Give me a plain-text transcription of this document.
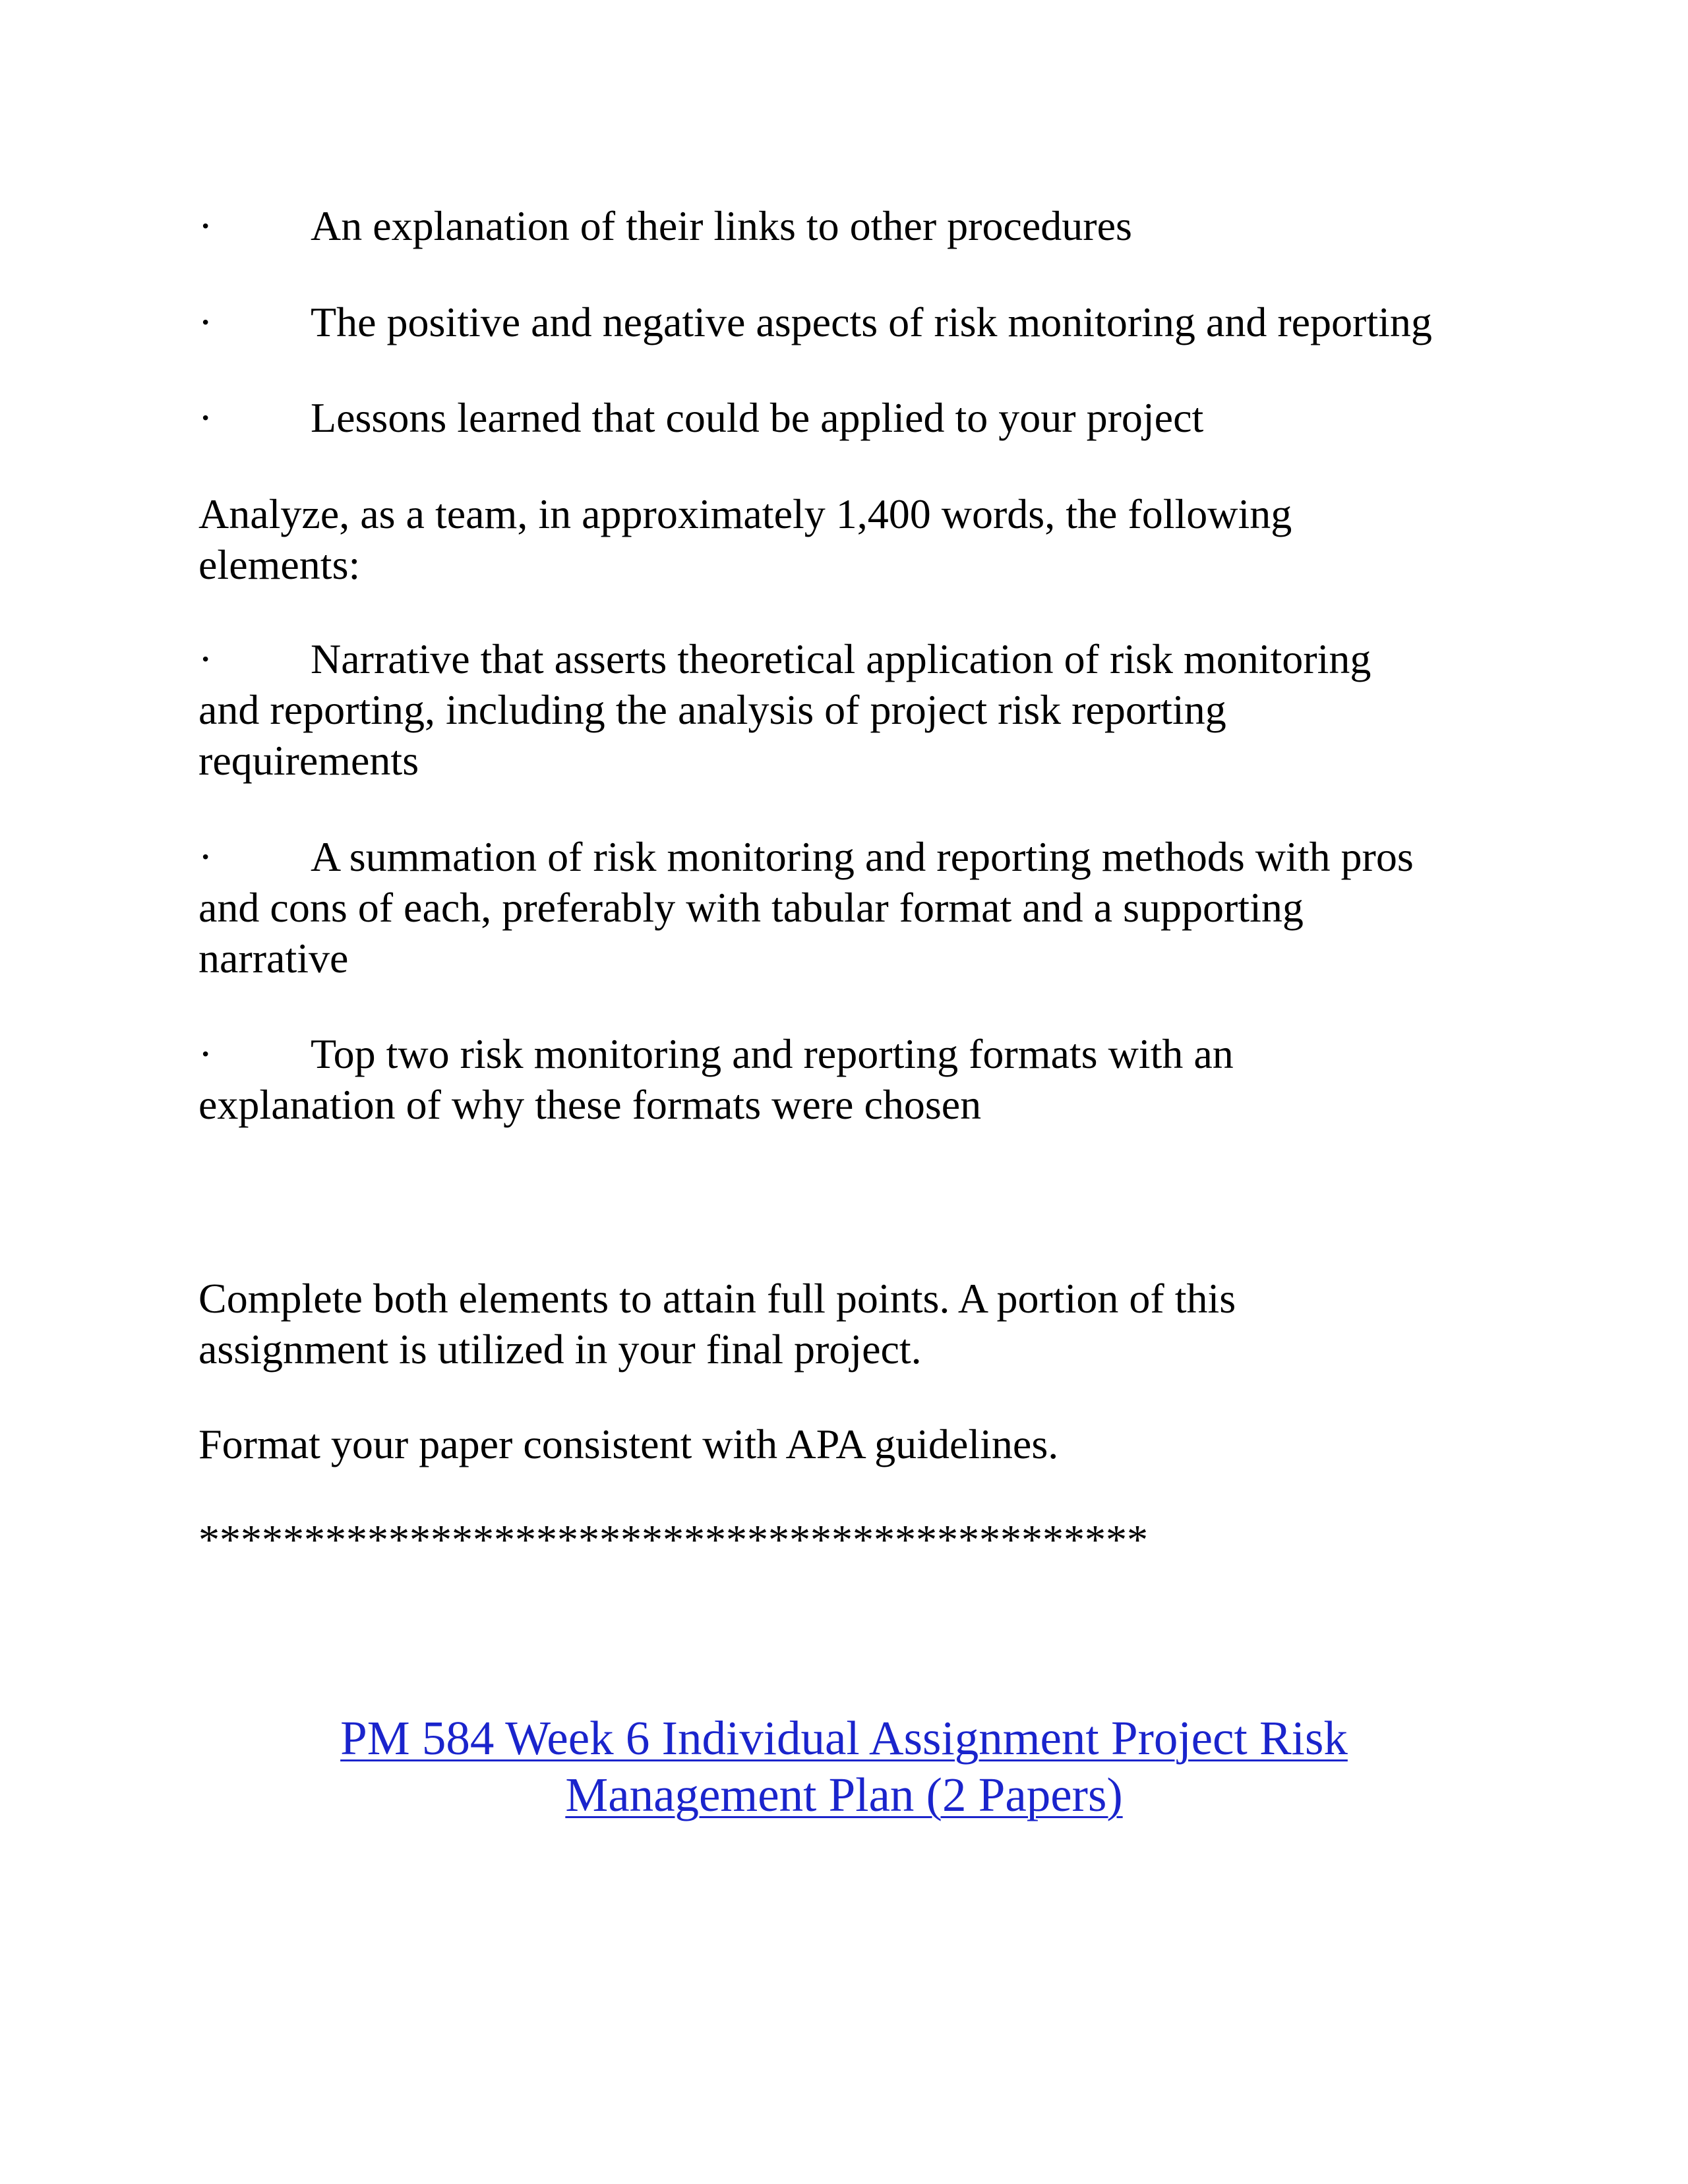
· An explanation of their links to other procedures
· The positive and negative aspects of risk monitoring and reporting
· Lessons learned that could be applied to your project
Analyze, as a team, in approximately 1,400 words, the following
elements:
· Narrative that asserts theoretical application of risk monitoring
and reporting, including the analysis of project risk reporting
requirements
· A summation of risk monitoring and reporting methods with pros
and cons of each, preferably with tabular format and a supporting
narrative
· Top two risk monitoring and reporting formats with an
explanation of why these formats were chosen
Complete both elements to attain full points. A portion of this
assignment is utilized in your final project.
Format your paper consistent with APA guidelines.
*********************************************
PM 584 Week 6 Individual Assignment Project Risk
Management Plan (2 Papers)
